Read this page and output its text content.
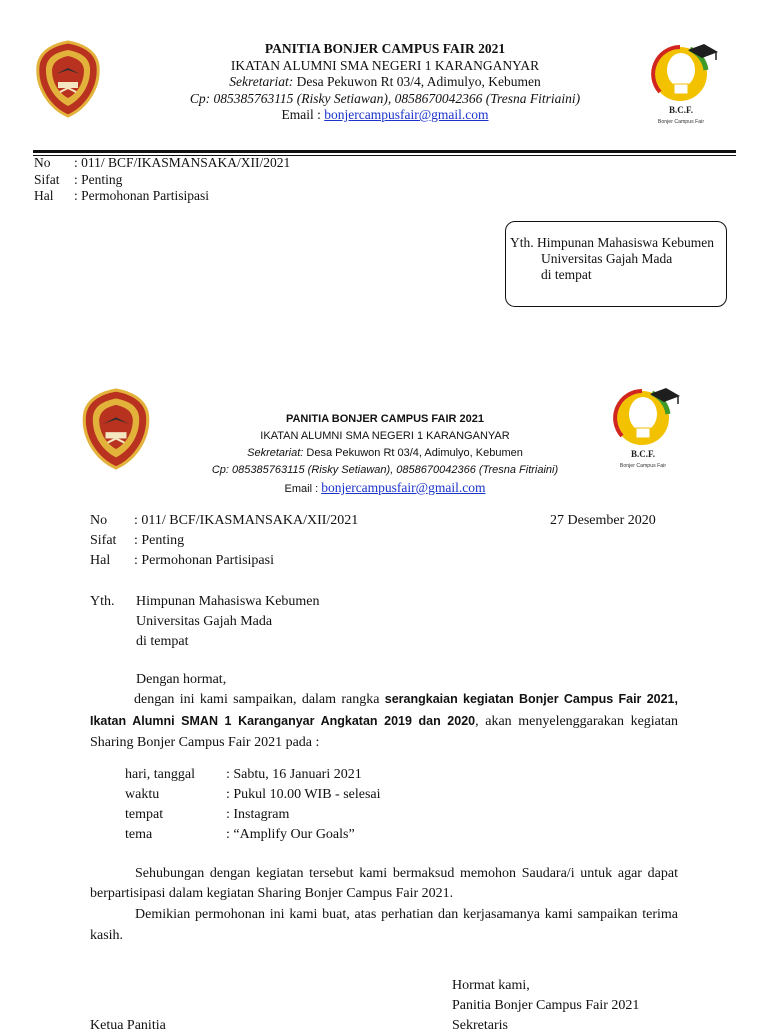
PANITIA BONJER CAMPUS FAIR 2021
IKATAN ALUMNI SMA NEGERI 1 KARANGANYAR
Sekretariat: Desa Pekuwon Rt 03/4, Adimulyo, Kebumen
Cp: 085385763115 (Risky Setiawan), 0858670042366 (Tresna Fitriaini)
Email : bonjercampusfair@gmail.com	B.C.F.
Bonjer Campus Fair
No	: 011/ BCF/IKASMANSAKA/XII/2021
Sifat	: Penting
Hal	: Permohonan Partisipasi
Yth. Himpunan Mahasiswa Kebumen
Universitas Gajah Mada
di tempat
PANITIA BONJER CAMPUS FAIR 2021
IKATAN ALUMNI SMA NEGERI 1 KARANGANYAR
Sekretariat: Desa Pekuwon Rt 03/4, Adimulyo, Kebumen
Cp: 085385763115 (Risky Setiawan), 0858670042366 (Tresna Fitriaini)
Email : bonjercampusfair@gmail.com
B.C.F.
Bonjer Campus Fair
No	: 011/ BCF/IKASMANSAKA/XII/2021
Sifat	: Penting
Hal	: Permohonan Partisipasi
27 Desember 2020
Yth. Himpunan Mahasiswa Kebumen
Universitas Gajah Mada
di tempat
Dengan hormat,
dengan ini kami sampaikan, dalam rangka serangkaian kegiatan Bonjer Campus Fair 2021, Ikatan Alumni SMAN 1 Karanganyar Angkatan 2019 dan 2020, akan menyelenggarakan kegiatan Sharing Bonjer Campus Fair 2021 pada :
hari, tanggal	: Sabtu, 16 Januari 2021
waktu	: Pukul 10.00 WIB - selesai
tempat	: Instagram
tema	: “Amplify Our Goals”
Sehubungan dengan kegiatan tersebut kami bermaksud memohon Saudara/i untuk agar dapat berpartisipasi dalam kegiatan Sharing Bonjer Campus Fair 2021.
Demikian permohonan ini kami buat, atas perhatian dan kerjasamanya kami sampaikan terima kasih.
Hormat kami,
Panitia Bonjer Campus Fair 2021
Sekretaris
Ketua Panitia
